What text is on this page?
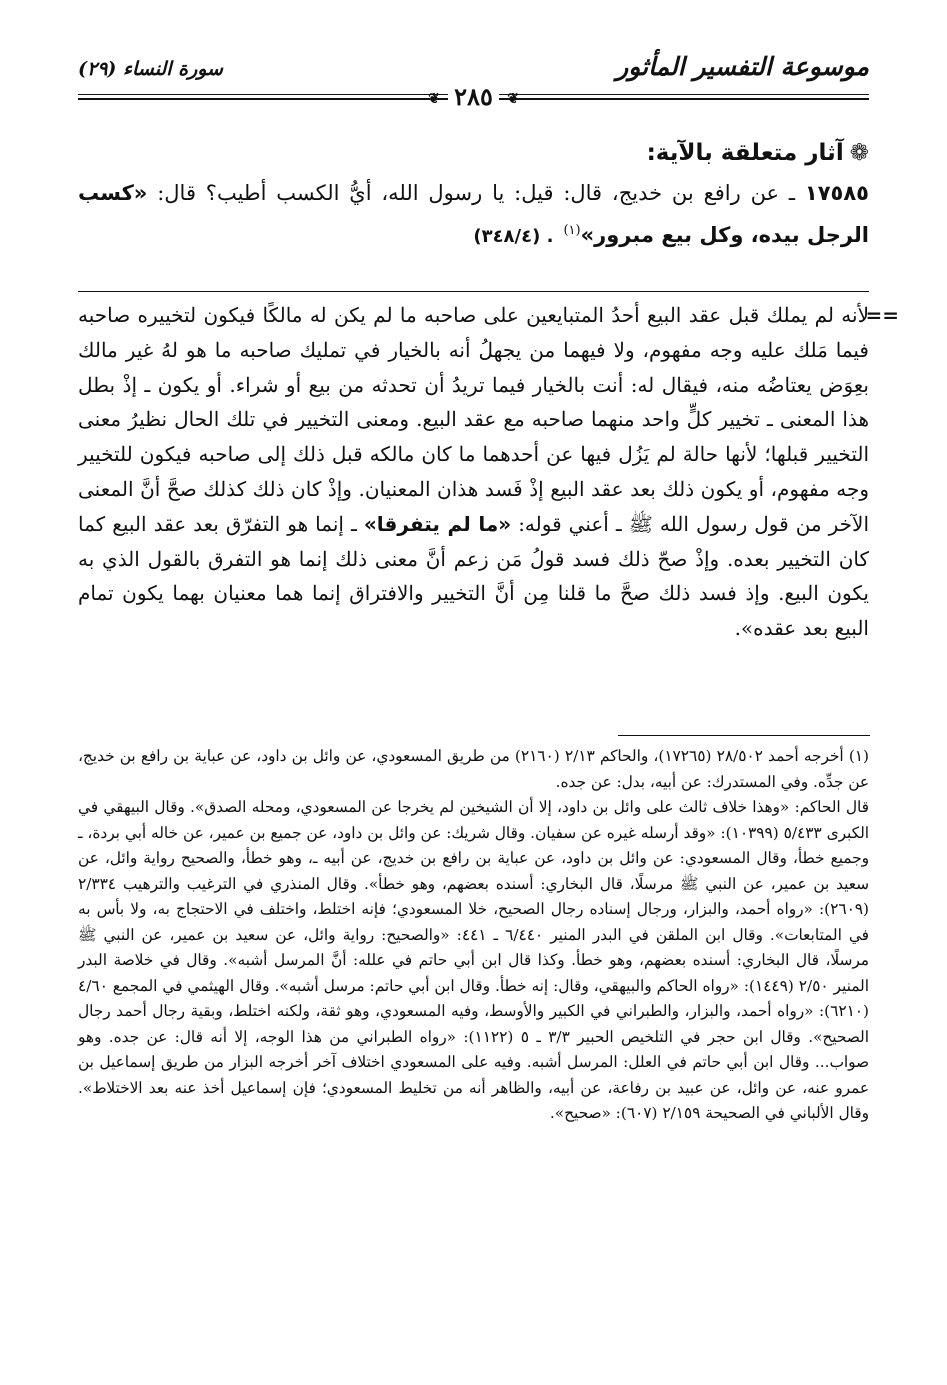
موسوعة التفسير المأثور
سورة النساء (٢٩)
❦ ٢٨٥ ❦
❁آثار متعلقة بالآية:

١٧٥٨٥ ـ عن رافع بن خديج، قال: قيل: يا رسول الله، أيُّ الكسب أطيب؟ قال: «كسب الرجل بيده، وكل بيع مبرور»$^{(١)}$. (٣٤٨/٤)

==
لأنه لم يملك قبل عقد البيع أحدُ المتبايعين على صاحبه ما لم يكن له مالكًا فيكون لتخييره صاحبه فيما مَلك عليه وجه مفهوم، ولا فيهما من يجهلُ أنه بالخيار في تمليك صاحبه ما هو لهُ غير مالك بعِوَض يعتاضُه منه، فيقال له: أنت بالخيار فيما تريدُ أن تحدثه من بيع أو شراء. أو يكون ـ إذْ بطل هذا المعنى ـ تخيير كلٍّ واحد منهما صاحبه مع عقد البيع. ومعنى التخيير في تلك الحال نظيرُ معنى التخيير قبلها؛ لأنها حالة لم يَزُل فيها عن أحدهما ما كان مالكه قبل ذلك إلى صاحبه فيكون للتخيير وجه مفهوم، أو يكون ذلك بعد عقد البيع إذْ فَسد هذان المعنيان. وإذْ كان ذلك كذلك صحَّ أنَّ المعنى الآخر من قول رسول الله ﷺ ـ أعني قوله: «ما لم يتفرقا» ـ إنما هو التفرّق بعد عقد البيع كما كان التخيير بعده. وإذْ صحّ ذلك فسد قولُ مَن زعم أنَّ معنى ذلك إنما هو التفرق بالقول الذي به يكون البيع. وإذ فسد ذلك صحَّ ما قلنا مِن أنَّ التخيير والافتراق إنما هما معنيان بهما يكون تمام البيع بعد عقده».

(١) أخرجه أحمد ٢٨/٥٠٢ (١٧٢٦٥)، والحاكم ٢/١٣ (٢١٦٠) من طريق المسعودي، عن وائل بن داود، عن عباية بن رافع بن خديج، عن جدِّه. وفي المستدرك: عن أبيه، بدل: عن جده.

قال الحاكم: «وهذا خلاف ثالث على وائل بن داود، إلا أن الشيخين لم يخرجا عن المسعودي، ومحله الصدق». وقال البيهقي في الكبرى ٥/٤٣٣ (١٠٣٩٩): «وقد أرسله غيره عن سفيان. وقال شريك: عن وائل بن داود، عن جميع بن عمير، عن خاله أبي بردة، ـ وجميع خطأ، وقال المسعودي: عن وائل بن داود، عن عباية بن رافع بن خديج، عن أبيه ـ، وهو خطأ، والصحيح رواية وائل، عن سعيد بن عمير، عن النبي ﷺ مرسلًا، قال البخاري: أسنده بعضهم، وهو خطأ». وقال المنذري في الترغيب والترهيب ٢/٣٣٤ (٢٦٠٩): «رواه أحمد، والبزار، ورجال إسناده رجال الصحيح، خلا المسعودي؛ فإنه اختلط، واختلف في الاحتجاج به، ولا بأس به في المتابعات». وقال ابن الملقن في البدر المنير ٦/٤٤٠ ـ ٤٤١: «والصحيح: رواية وائل، عن سعيد بن عمير، عن النبي ﷺ مرسلًا، قال البخاري: أسنده بعضهم، وهو خطأ. وكذا قال ابن أبي حاتم في علله: أنَّ المرسل أشبه». وقال في خلاصة البدر المنير ٢/٥٠ (١٤٤٩): «رواه الحاكم والبيهقي، وقال: إنه خطأ. وقال ابن أبي حاتم: مرسل أشبه». وقال الهيثمي في المجمع ٤/٦٠ (٦٢١٠): «رواه أحمد، والبزار، والطبراني في الكبير والأوسط، وفيه المسعودي، وهو ثقة، ولكنه اختلط، وبقية رجال أحمد رجال الصحيح». وقال ابن حجر في التلخيص الحبير ٣/٣ ـ ٥ (١١٢٢): «رواه الطبراني من هذا الوجه، إلا أنه قال: عن جده. وهو صواب... وقال ابن أبي حاتم في العلل: المرسل أشبه. وفيه على المسعودي اختلاف آخر أخرجه البزار من طريق إسماعيل بن عمرو عنه، عن وائل، عن عبيد بن رفاعة، عن أبيه، والظاهر أنه من تخليط المسعودي؛ فإن إسماعيل أخذ عنه بعد الاختلاط». وقال الألباني في الصحيحة ٢/١٥٩ (٦٠٧): «صحيح».
